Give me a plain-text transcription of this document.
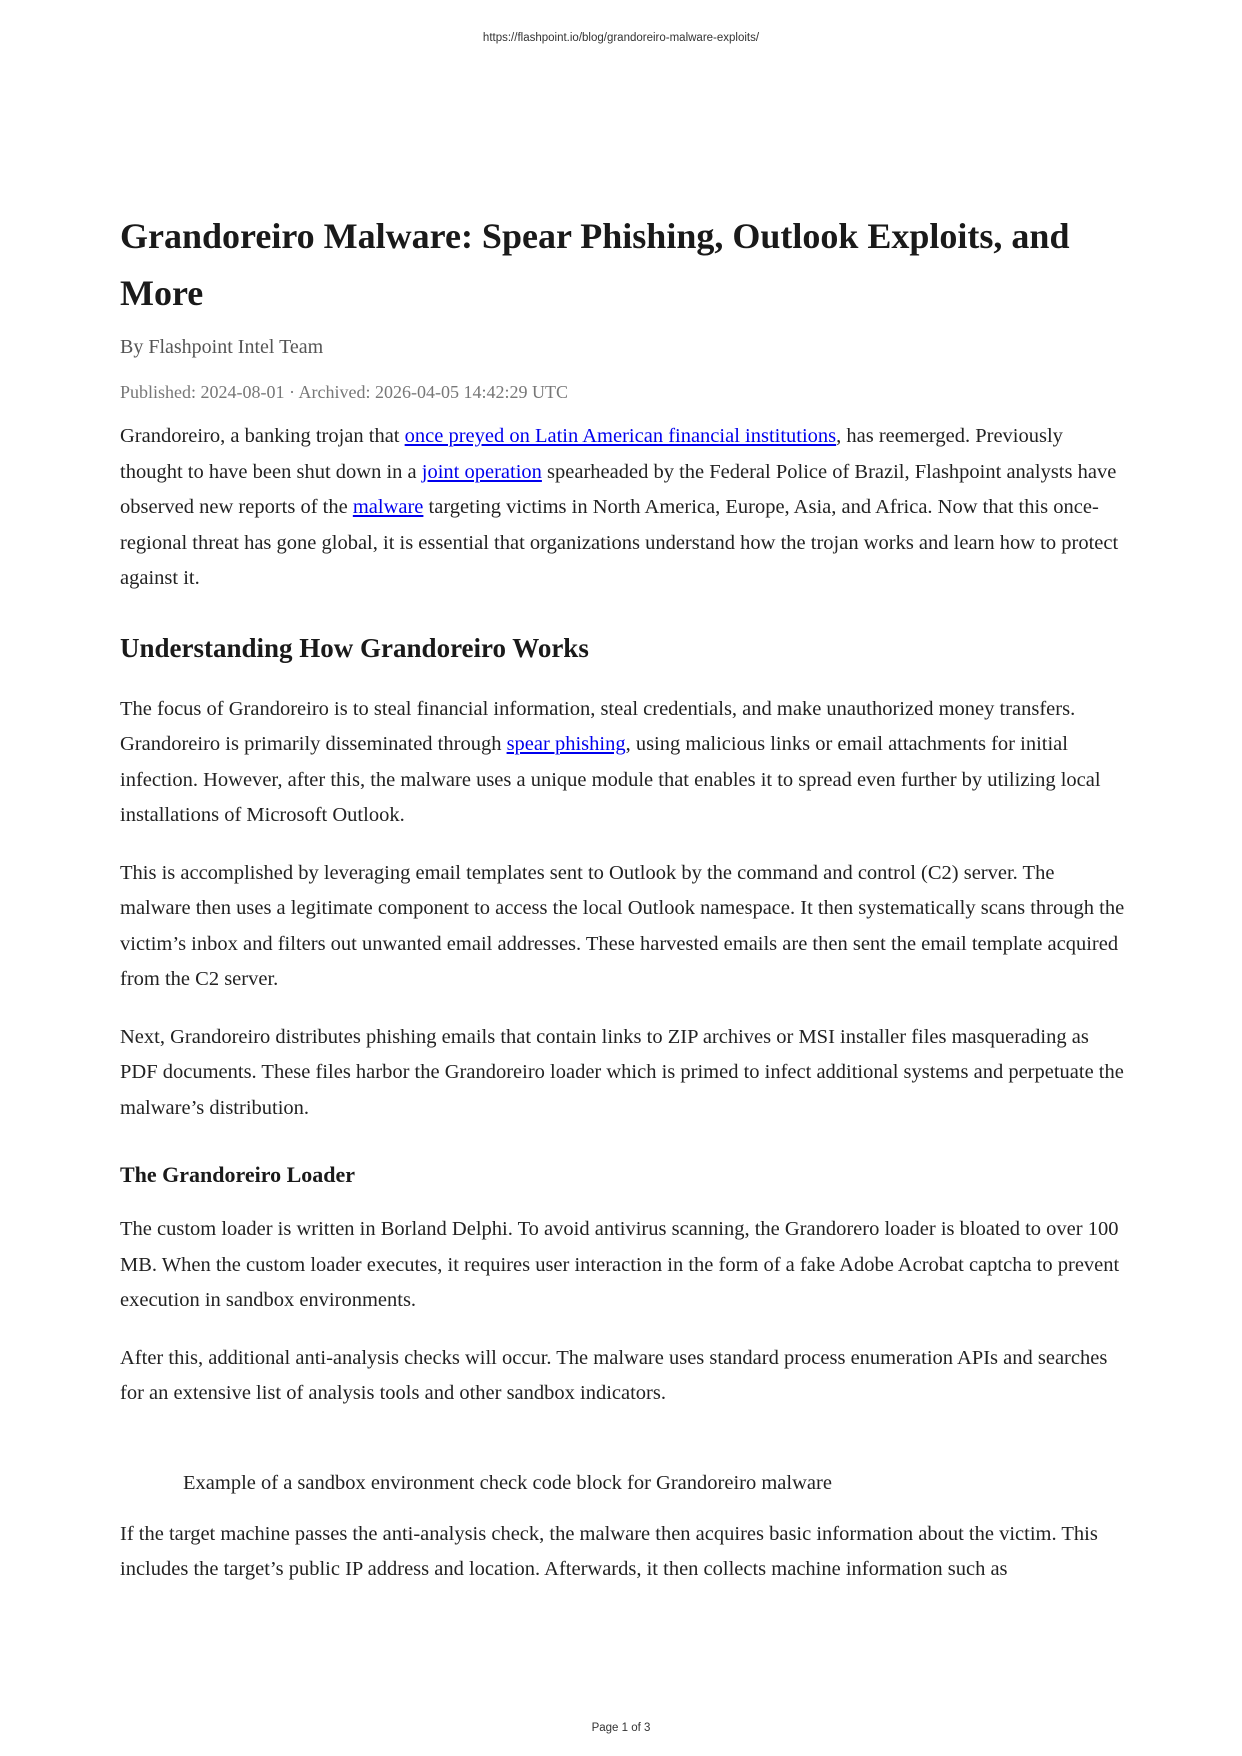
https://flashpoint.io/blog/grandoreiro-malware-exploits/
Grandoreiro Malware: Spear Phishing, Outlook Exploits, and More
By Flashpoint Intel Team
Published: 2024-08-01 · Archived: 2026-04-05 14:42:29 UTC

Grandoreiro, a banking trojan that once preyed on Latin American financial institutions, has reemerged. Previously thought to have been shut down in a joint operation spearheaded by the Federal Police of Brazil, Flashpoint analysts have observed new reports of the malware targeting victims in North America, Europe, Asia, and Africa. Now that this once-regional threat has gone global, it is essential that organizations understand how the trojan works and learn how to protect against it.

Understanding How Grandoreiro Works

The focus of Grandoreiro is to steal financial information, steal credentials, and make unauthorized money transfers. Grandoreiro is primarily disseminated through spear phishing, using malicious links or email attachments for initial infection. However, after this, the malware uses a unique module that enables it to spread even further by utilizing local installations of Microsoft Outlook.

This is accomplished by leveraging email templates sent to Outlook by the command and control (C2) server. The malware then uses a legitimate component to access the local Outlook namespace. It then systematically scans through the victim’s inbox and filters out unwanted email addresses. These harvested emails are then sent the email template acquired from the C2 server.

Next, Grandoreiro distributes phishing emails that contain links to ZIP archives or MSI installer files masquerading as PDF documents. These files harbor the Grandoreiro loader which is primed to infect additional systems and perpetuate the malware’s distribution.

The Grandoreiro Loader

The custom loader is written in Borland Delphi. To avoid antivirus scanning, the Grandorero loader is bloated to over 100 MB. When the custom loader executes, it requires user interaction in the form of a fake Adobe Acrobat captcha to prevent execution in sandbox environments.

After this, additional anti-analysis checks will occur. The malware uses standard process enumeration APIs and searches for an extensive list of analysis tools and other sandbox indicators.

Example of a sandbox environment check code block for Grandoreiro malware

If the target machine passes the anti-analysis check, the malware then acquires basic information about the victim. This includes the target’s public IP address and location. Afterwards, it then collects machine information such as

Page 1 of 3
